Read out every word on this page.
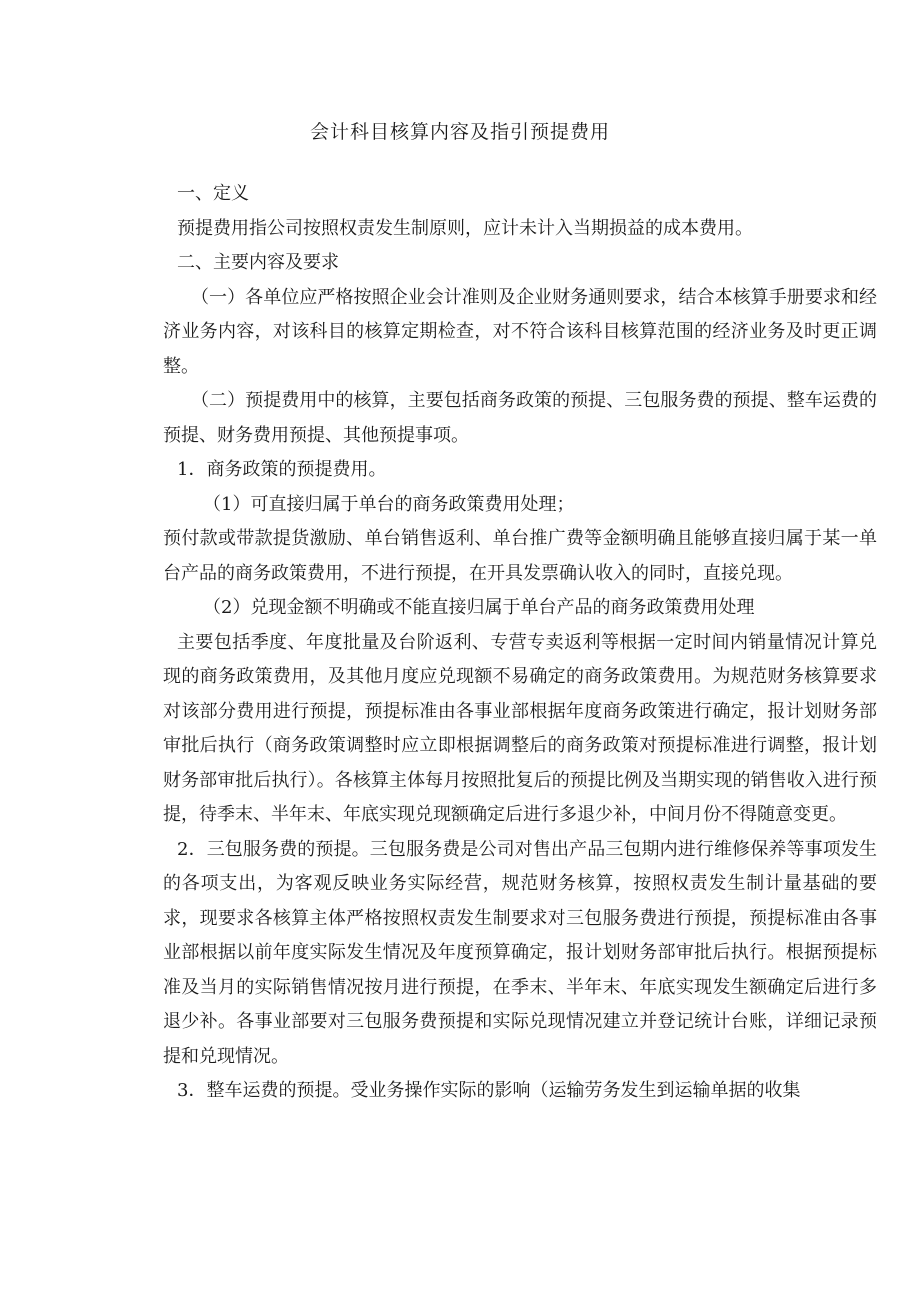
会计科目核算内容及指引预提费用

一、定义

预提费用指公司按照权责发生制原则，应计未计入当期损益的成本费用。

二、主要内容及要求

（一）各单位应严格按照企业会计准则及企业财务通则要求，结合本核算手册要求和经济业务内容，对该科目的核算定期检查，对不符合该科目核算范围的经济业务及时更正调整。

（二）预提费用中的核算，主要包括商务政策的预提、三包服务费的预提、整车运费的预提、财务费用预提、其他预提事项。

1．商务政策的预提费用。

（1）可直接归属于单台的商务政策费用处理；

预付款或带款提货激励、单台销售返利、单台推广费等金额明确且能够直接归属于某一单台产品的商务政策费用，不进行预提，在开具发票确认收入的同时，直接兑现。

（2）兑现金额不明确或不能直接归属于单台产品的商务政策费用处理

主要包括季度、年度批量及台阶返利、专营专卖返利等根据一定时间内销量情况计算兑现的商务政策费用，及其他月度应兑现额不易确定的商务政策费用。为规范财务核算要求对该部分费用进行预提，预提标准由各事业部根据年度商务政策进行确定，报计划财务部审批后执行（商务政策调整时应立即根据调整后的商务政策对预提标准进行调整，报计划财务部审批后执行）。各核算主体每月按照批复后的预提比例及当期实现的销售收入进行预提，待季末、半年末、年底实现兑现额确定后进行多退少补，中间月份不得随意变更。

2．三包服务费的预提。三包服务费是公司对售出产品三包期内进行维修保养等事项发生的各项支出，为客观反映业务实际经营，规范财务核算，按照权责发生制计量基础的要求，现要求各核算主体严格按照权责发生制要求对三包服务费进行预提，预提标准由各事业部根据以前年度实际发生情况及年度预算确定，报计划财务部审批后执行。根据预提标准及当月的实际销售情况按月进行预提，在季末、半年末、年底实现发生额确定后进行多退少补。各事业部要对三包服务费预提和实际兑现情况建立并登记统计台账，详细记录预提和兑现情况。

3．整车运费的预提。受业务操作实际的影响（运输劳务发生到运输单据的收集
